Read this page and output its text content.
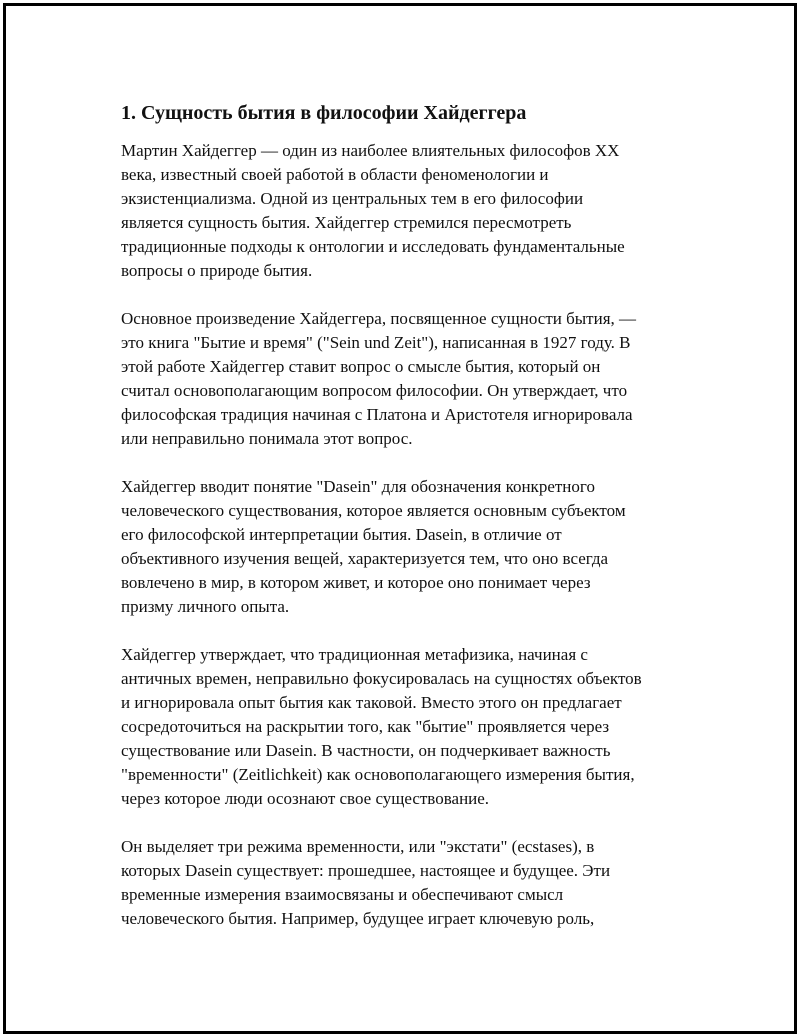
1. Сущность бытия в философии Хайдеггера
Мартин Хайдеггер — один из наиболее влиятельных философов XX
века, известный своей работой в области феноменологии и
экзистенциализма. Одной из центральных тем в его философии
является сущность бытия. Хайдеггер стремился пересмотреть
традиционные подходы к онтологии и исследовать фундаментальные
вопросы о природе бытия.
Основное произведение Хайдеггера, посвященное сущности бытия, —
это книга "Бытие и время" ("Sein und Zeit"), написанная в 1927 году. В
этой работе Хайдеггер ставит вопрос о смысле бытия, который он
считал основополагающим вопросом философии. Он утверждает, что
философская традиция начиная с Платона и Аристотеля игнорировала
или неправильно понимала этот вопрос.
Хайдеггер вводит понятие "Dasein" для обозначения конкретного
человеческого существования, которое является основным субъектом
его философской интерпретации бытия. Dasein, в отличие от
объективного изучения вещей, характеризуется тем, что оно всегда
вовлечено в мир, в котором живет, и которое оно понимает через
призму личного опыта.
Хайдеггер утверждает, что традиционная метафизика, начиная с
античных времен, неправильно фокусировалась на сущностях объектов
и игнорировала опыт бытия как таковой. Вместо этого он предлагает
сосредоточиться на раскрытии того, как "бытие" проявляется через
существование или Dasein. В частности, он подчеркивает важность
"временности" (Zeitlichkeit) как основополагающего измерения бытия,
через которое люди осознают свое существование.
Он выделяет три режима временности, или "экстати" (ecstases), в
которых Dasein существует: прошедшее, настоящее и будущее. Эти
временные измерения взаимосвязаны и обеспечивают смысл
человеческого бытия. Например, будущее играет ключевую роль,
